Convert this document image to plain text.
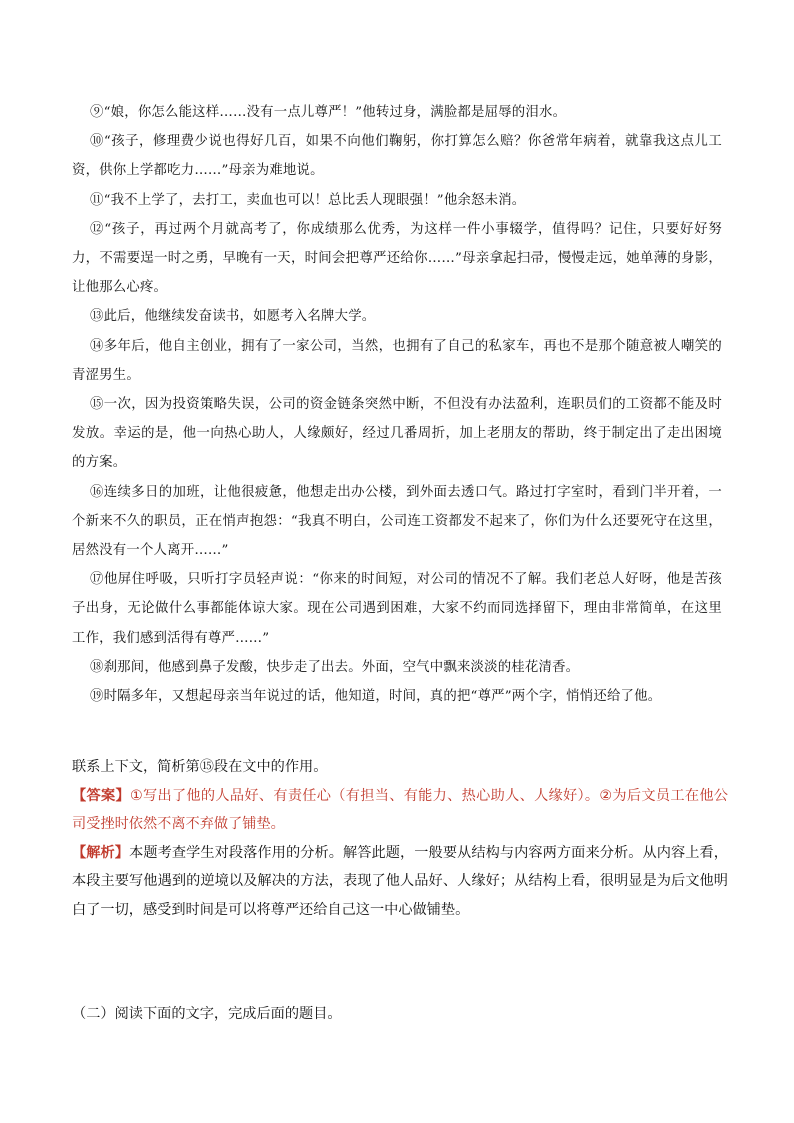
⑨“娘，你怎么能这样……没有一点儿尊严！”他转过身，满脸都是屈辱的泪水。

⑩“孩子，修理费少说也得好几百，如果不向他们鞠躬，你打算怎么赔？你爸常年病着，就靠我这点儿工资，供你上学都吃力……”母亲为难地说。

⑪“我不上学了，去打工，卖血也可以！总比丢人现眼强！”他余怒未消。

⑫“孩子，再过两个月就高考了，你成绩那么优秀，为这样一件小事辍学，值得吗？记住，只要好好努力，不需要逞一时之勇，早晚有一天，时间会把尊严还给你……”母亲拿起扫帚，慢慢走远，她单薄的身影，让他那么心疼。

⑬此后，他继续发奋读书，如愿考入名牌大学。

⑭多年后，他自主创业，拥有了一家公司，当然，也拥有了自己的私家车，再也不是那个随意被人嘲笑的青涩男生。

⑮一次，因为投资策略失误，公司的资金链条突然中断，不但没有办法盈利，连职员们的工资都不能及时发放。幸运的是，他一向热心助人，人缘颇好，经过几番周折，加上老朋友的帮助，终于制定出了走出困境的方案。

⑯连续多日的加班，让他很疲惫，他想走出办公楼，到外面去透口气。路过打字室时，看到门半开着，一个新来不久的职员，正在悄声抱怨：“我真不明白，公司连工资都发不起来了，你们为什么还要死守在这里，居然没有一个人离开……”

⑰他屏住呼吸，只听打字员轻声说：“你来的时间短，对公司的情况不了解。我们老总人好呀，他是苦孩子出身，无论做什么事都能体谅大家。现在公司遇到困难，大家不约而同选择留下，理由非常简单，在这里工作，我们感到活得有尊严……”

⑱刹那间，他感到鼻子发酸，快步走了出去。外面，空气中飘来淡淡的桂花清香。

⑲时隔多年，又想起母亲当年说过的话，他知道，时间，真的把“尊严”两个字，悄悄还给了他。

联系上下文，简析第⑮段在文中的作用。

【答案】①写出了他的人品好、有责任心（有担当、有能力、热心助人、人缘好）。②为后文员工在他公司受挫时依然不离不弃做了铺垫。

【解析】本题考查学生对段落作用的分析。解答此题，一般要从结构与内容两方面来分析。从内容上看，本段主要写他遇到的逆境以及解决的方法，表现了他人品好、人缘好；从结构上看，很明显是为后文他明白了一切，感受到时间是可以将尊严还给自己这一中心做铺垫。

（二）阅读下面的文字，完成后面的题目。
